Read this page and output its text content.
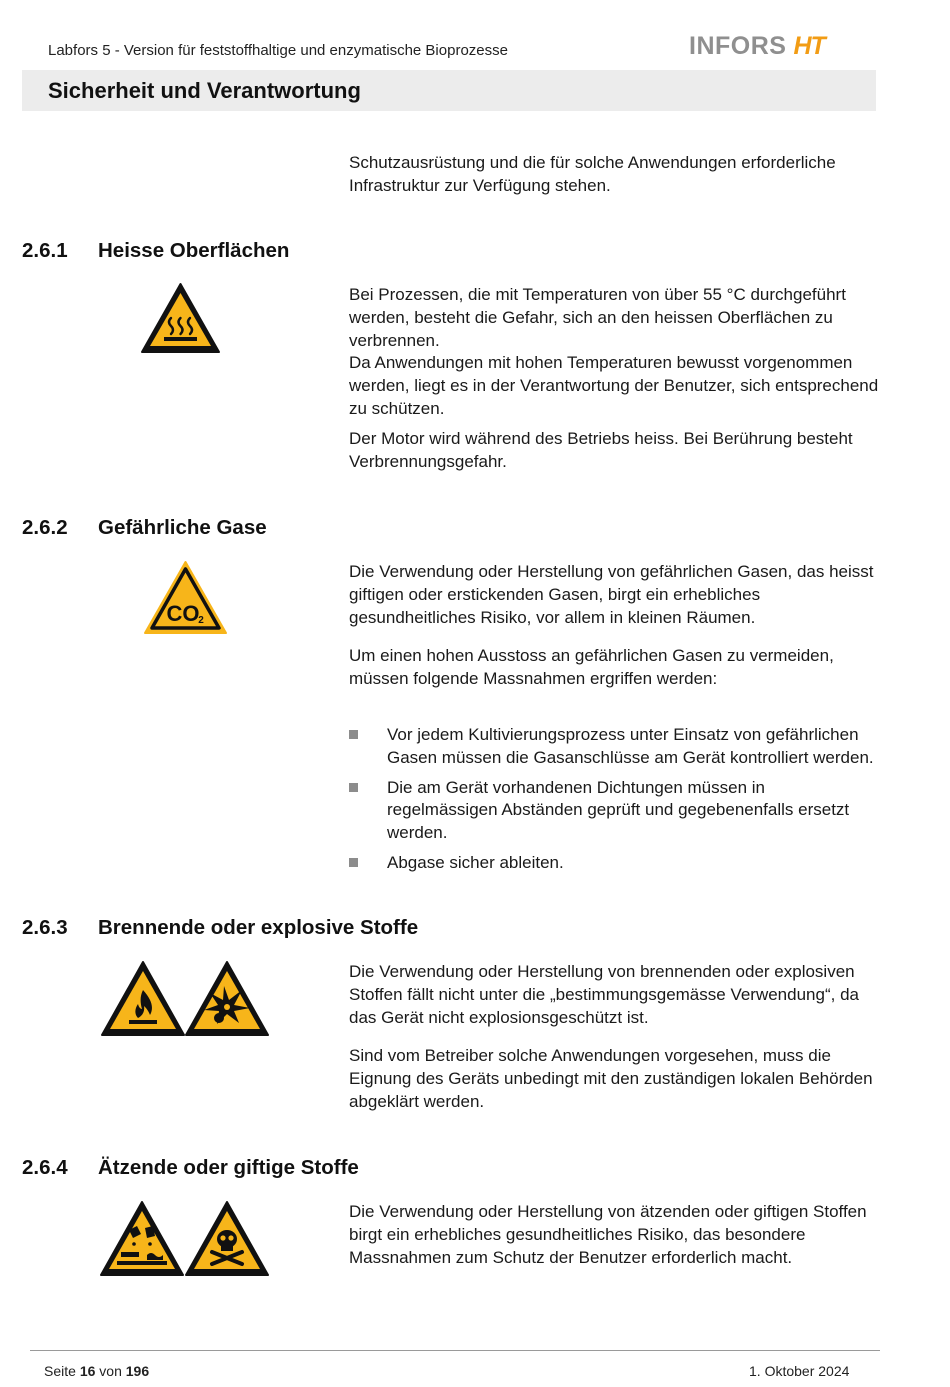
Labfors 5 - Version für feststoffhaltige und enzymatische Bioprozesse	INFORS HT
Sicherheit und Verantwortung

Schutzausrüstung und die für solche Anwendungen erforderliche Infrastruktur zur Verfügung stehen.

2.6.1 Heisse Oberflächen

Bei Prozessen, die mit Temperaturen von über 55 °C durchgeführt werden, besteht die Gefahr, sich an den heissen Oberflächen zu verbrennen.

Da Anwendungen mit hohen Temperaturen bewusst vorgenommen werden, liegt es in der Verantwortung der Benutzer, sich entsprechend zu schützen.

Der Motor wird während des Betriebs heiss. Bei Berührung besteht Verbrennungsgefahr.

2.6.2 Gefährliche Gase
CO
2

Die Verwendung oder Herstellung von gefährlichen Gasen, das heisst giftigen oder erstickenden Gasen, birgt ein erhebliches gesundheitliches Risiko, vor allem in kleinen Räumen.

Um einen hohen Ausstoss an gefährlichen Gasen zu vermeiden, müssen folgende Massnahmen ergriffen werden:

Vor jedem Kultivierungsprozess unter Einsatz von gefährlichen Gasen müssen die Gasanschlüsse am Gerät kontrolliert werden.
Die am Gerät vorhandenen Dichtungen müssen in regelmässigen Abständen geprüft und gegebenenfalls ersetzt werden.
Abgase sicher ableiten.
2.6.3 Brennende oder explosive Stoffe

Die Verwendung oder Herstellung von brennenden oder explosiven Stoffen fällt nicht unter die „bestimmungsgemässe Verwendung“, da das Gerät nicht explosionsgeschützt ist.

Sind vom Betreiber solche Anwendungen vorgesehen, muss die Eignung des Geräts unbedingt mit den zuständigen lokalen Behörden abgeklärt werden.

2.6.4 Ätzende oder giftige Stoffe

Die Verwendung oder Herstellung von ätzenden oder giftigen Stoffen birgt ein erhebliches gesundheitliches Risiko, das besondere Massnahmen zum Schutz der Benutzer erforderlich macht.

Seite 16 von 196	1. Oktober 2024
